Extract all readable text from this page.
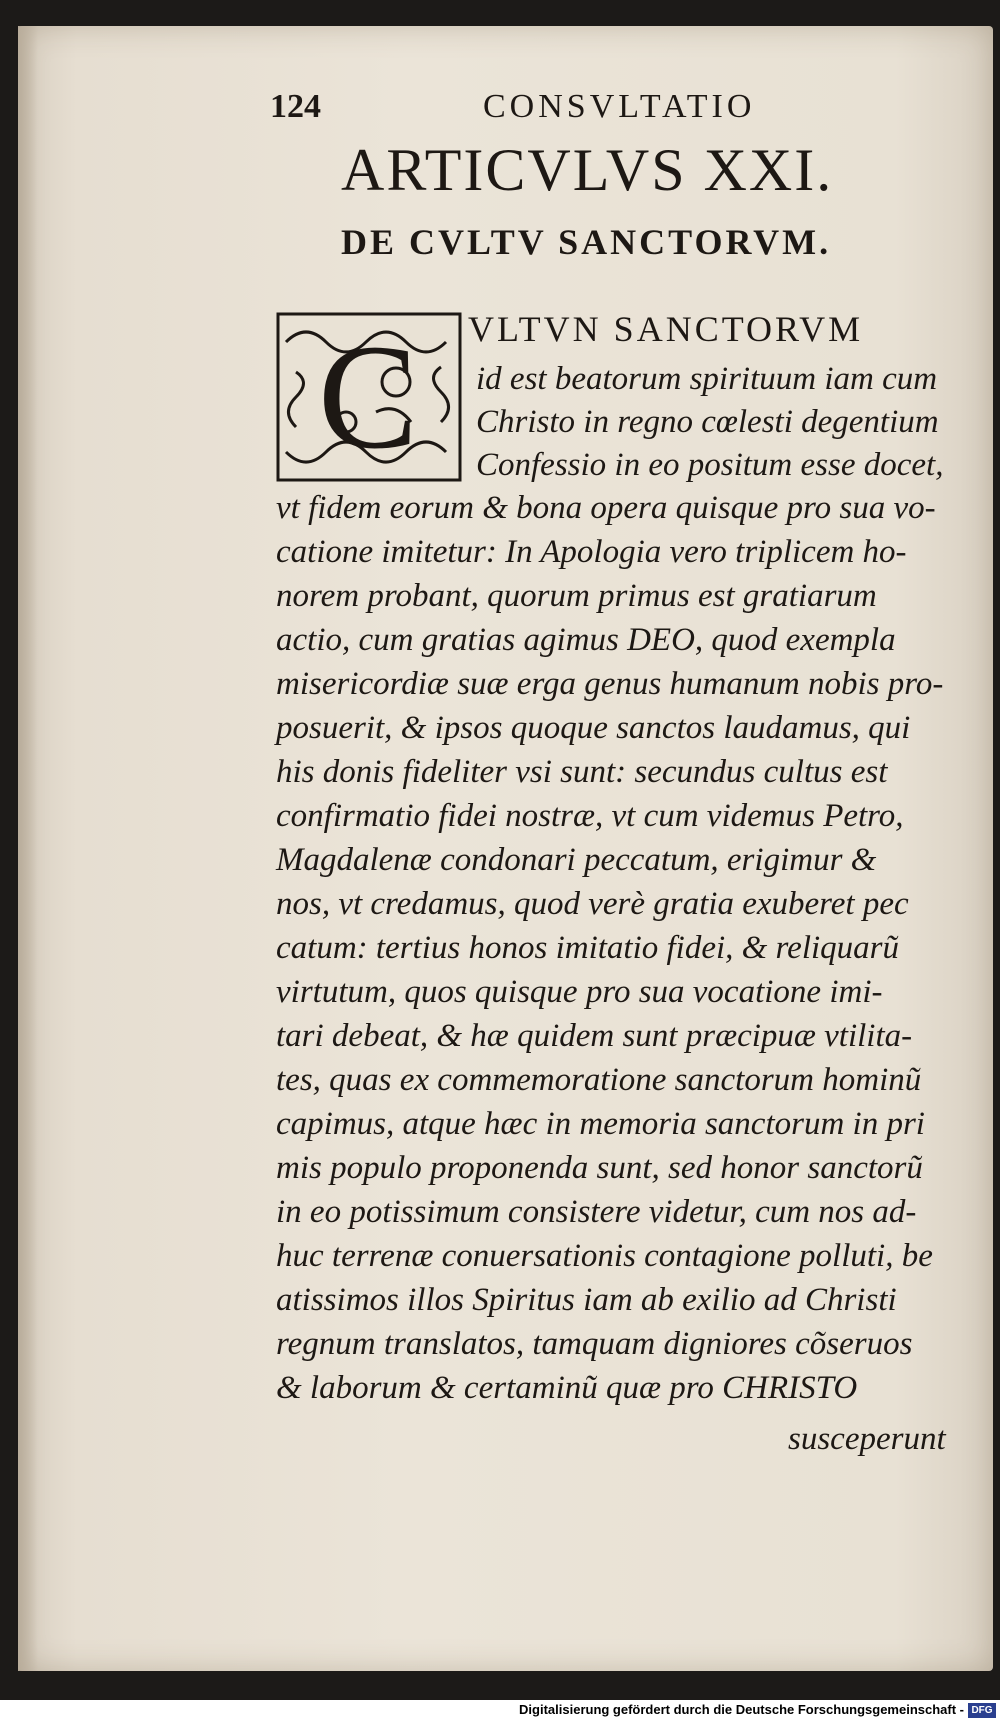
124	CONSVLTATIO
ARTICVLVS XXI.
DE CVLTV SANCTORVM.
C VLTVN SANCTORVM
id est beatorum spirituum iam cum
Christo in regno cœlesti degentium
Confessio in eo positum esse docet,
vt fidem eorum & bona opera quisque pro sua vo-
catione imitetur: In Apologia vero triplicem ho-
norem probant, quorum primus est gratiarum
actio, cum gratias agimus DEO, quod exempla
misericordiæ suæ erga genus humanum nobis pro-
posuerit, & ipsos quoque sanctos laudamus, qui
his donis fideliter vsi sunt: secundus cultus est
confirmatio fidei nostræ, vt cum videmus Petro,
Magdalenæ condonari peccatum, erigimur &
nos, vt credamus, quod verè gratia exuberet pec
catum: tertius honos imitatio fidei, & reliquarũ
virtutum, quos quisque pro sua vocatione imi-
tari debeat, & hæ quidem sunt præcipuæ vtilita-
tes, quas ex commemoratione sanctorum hominũ
capimus, atque hæc in memoria sanctorum in pri
mis populo proponenda sunt, sed honor sanctorũ
in eo potissimum consistere videtur, cum nos ad-
huc terrenæ conuersationis contagione polluti, be
atissimos illos Spiritus iam ab exilio ad Christi
regnum translatos, tamquam digniores cõseruos
& laborum & certaminũ quæ pro CHRISTO
susceperunt
Digitalisierung gefördert durch die Deutsche Forschungsgemeinschaft - DFG
